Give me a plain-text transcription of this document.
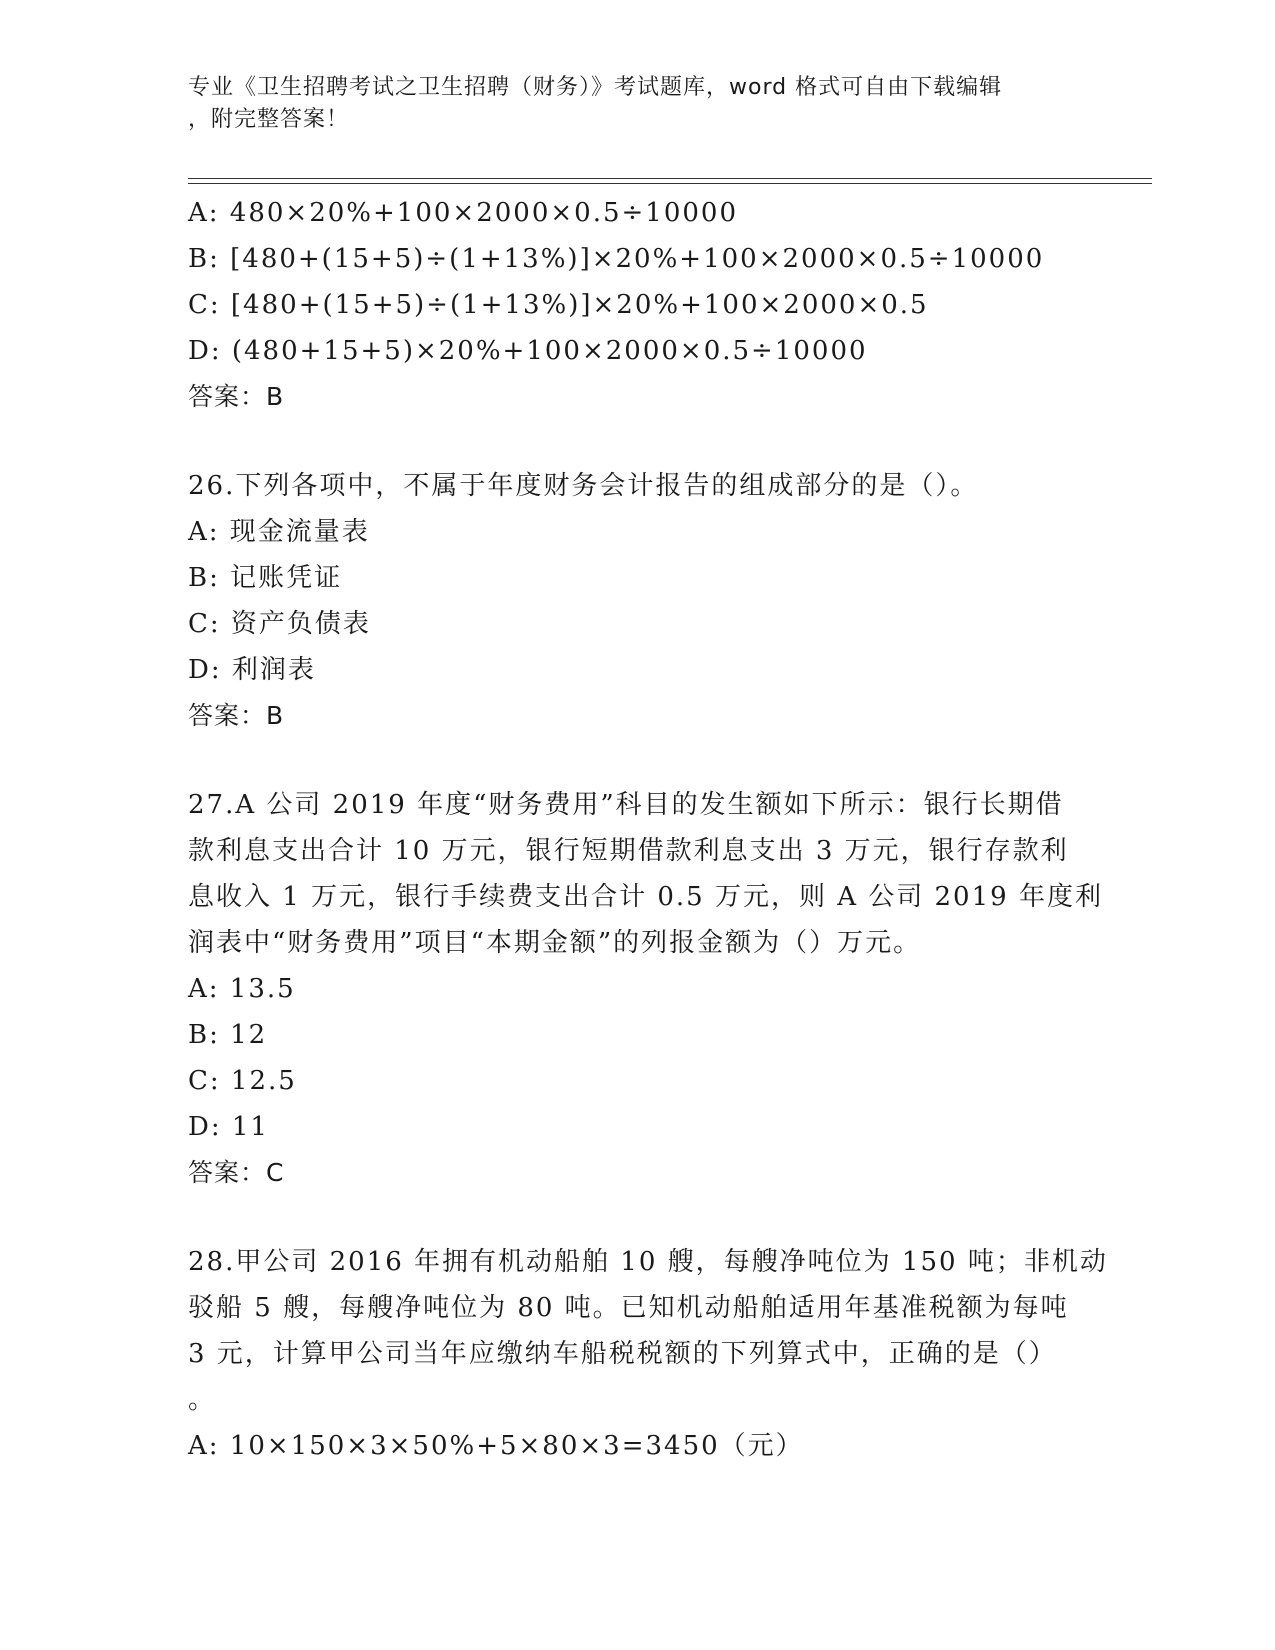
专业《卫生招聘考试之卫生招聘（财务）》考试题库，word 格式可自由下载编辑
，附完整答案！
A: 480×20%+100×2000×0.5÷10000
B: [480+(15+5)÷(1+13%)]×20%+100×2000×0.5÷10000
C: [480+(15+5)÷(1+13%)]×20%+100×2000×0.5
D: (480+15+5)×20%+100×2000×0.5÷10000
答案：B
26.下列各项中，不属于年度财务会计报告的组成部分的是（）。
A: 现金流量表
B: 记账凭证
C: 资产负债表
D: 利润表
答案：B
27.A 公司 2019 年度“财务费用”科目的发生额如下所示：银行长期借
款利息支出合计 10 万元，银行短期借款利息支出 3 万元，银行存款利
息收入 1 万元，银行手续费支出合计 0.5 万元，则 A 公司 2019 年度利
润表中“财务费用”项目“本期金额”的列报金额为（）万元。
A: 13.5
B: 12
C: 12.5
D: 11
答案：C
28.甲公司 2016 年拥有机动船舶 10 艘，每艘净吨位为 150 吨；非机动
驳船 5 艘，每艘净吨位为 80 吨。已知机动船舶适用年基准税额为每吨
3 元，计算甲公司当年应缴纳车船税税额的下列算式中，正确的是（）
。
A: 10×150×3×50%+5×80×3=3450（元）
